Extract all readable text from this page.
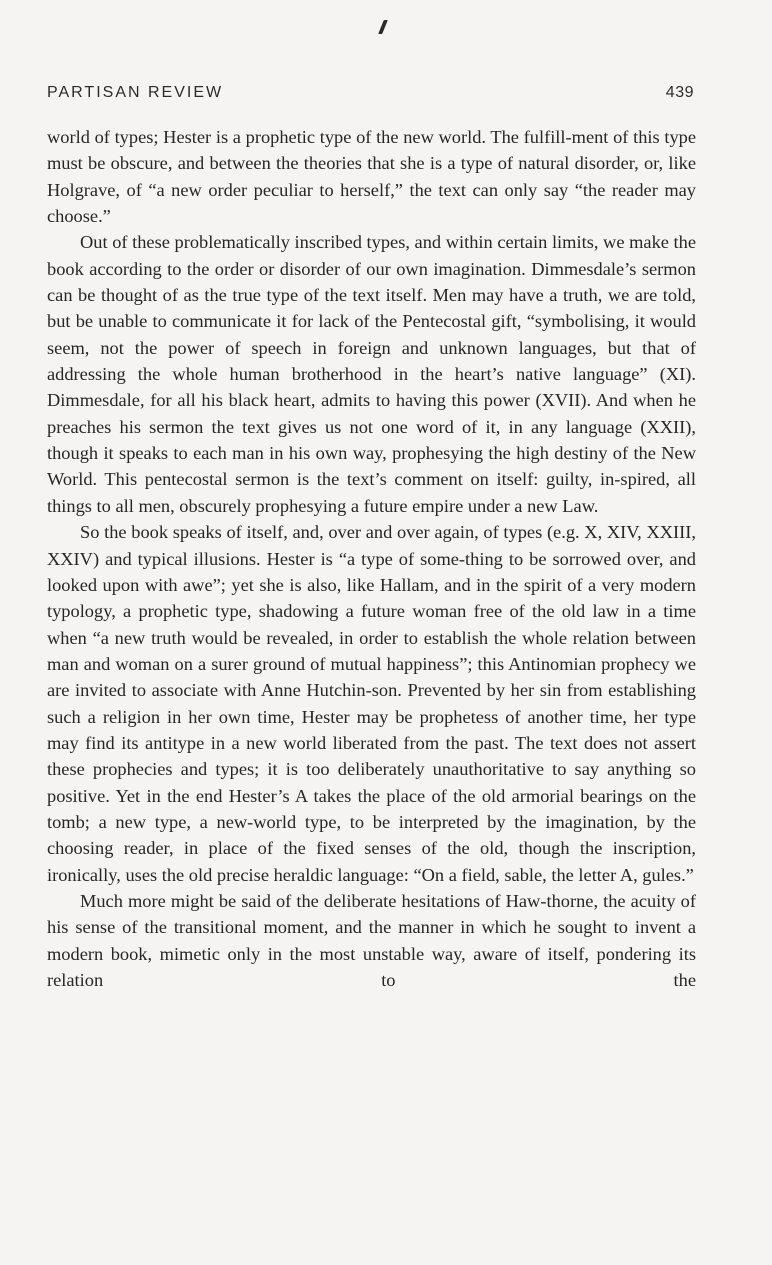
PARTISAN REVIEW	439

world of types; Hester is a prophetic type of the new world. The fulfill-ment of this type must be obscure, and between the theories that she is a type of natural disorder, or, like Holgrave, of “a new order peculiar to herself,” the text can only say “the reader may choose.”

Out of these problematically inscribed types, and within certain limits, we make the book according to the order or disorder of our own imagination. Dimmesdale’s sermon can be thought of as the true type of the text itself. Men may have a truth, we are told, but be unable to communicate it for lack of the Pentecostal gift, “symbolising, it would seem, not the power of speech in foreign and unknown languages, but that of addressing the whole human brotherhood in the heart’s native language” (XI). Dimmesdale, for all his black heart, admits to having this power (XVII). And when he preaches his sermon the text gives us not one word of it, in any language (XXII), though it speaks to each man in his own way, prophesying the high destiny of the New World. This pentecostal sermon is the text’s comment on itself: guilty, in-spired, all things to all men, obscurely prophesying a future empire under a new Law.

So the book speaks of itself, and, over and over again, of types (e.g. X, XIV, XXIII, XXIV) and typical illusions. Hester is “a type of some-thing to be sorrowed over, and looked upon with awe”; yet she is also, like Hallam, and in the spirit of a very modern typology, a prophetic type, shadowing a future woman free of the old law in a time when “a new truth would be revealed, in order to establish the whole relation between man and woman on a surer ground of mutual happiness”; this Antinomian prophecy we are invited to associate with Anne Hutchin-son. Prevented by her sin from establishing such a religion in her own time, Hester may be prophetess of another time, her type may find its antitype in a new world liberated from the past. The text does not assert these prophecies and types; it is too deliberately unauthoritative to say anything so positive. Yet in the end Hester’s A takes the place of the old armorial bearings on the tomb; a new type, a new-world type, to be interpreted by the imagination, by the choosing reader, in place of the fixed senses of the old, though the inscription, ironically, uses the old precise heraldic language: “On a field, sable, the letter A, gules.”

Much more might be said of the deliberate hesitations of Haw-thorne, the acuity of his sense of the transitional moment, and the manner in which he sought to invent a modern book, mimetic only in the most unstable way, aware of itself, pondering its relation to the
